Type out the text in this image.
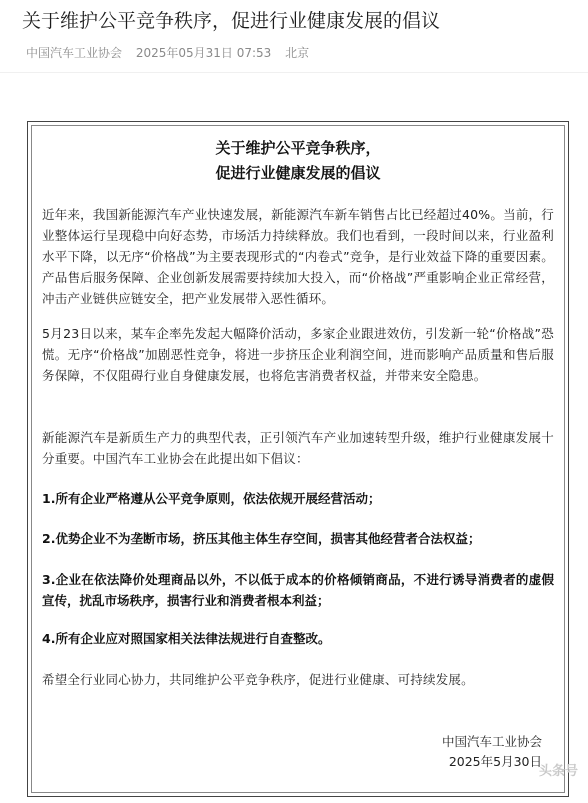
关于维护公平竞争秩序，促进行业健康发展的倡议
中国汽车工业协会 2025年05月31日 07:53 北京
关于维护公平竞争秩序，
促进行业健康发展的倡议
近年来，我国新能源汽车产业快速发展，新能源汽车新车销售占比已经超过40%。当前，行业整体运行呈现稳中向好态势，市场活力持续释放。我们也看到，一段时间以来，行业盈利水平下降，以无序“价格战”为主要表现形式的“内卷式”竞争，是行业效益下降的重要因素。产品售后服务保障、企业创新发展需要持续加大投入，而“价格战”严重影响企业正常经营，冲击产业链供应链安全，把产业发展带入恶性循环。
5月23日以来，某车企率先发起大幅降价活动，多家企业跟进效仿，引发新一轮“价格战”恐慌。无序“价格战”加剧恶性竞争，将进一步挤压企业利润空间，进而影响产品质量和售后服务保障，不仅阻碍行业自身健康发展，也将危害消费者权益，并带来安全隐患。
新能源汽车是新质生产力的典型代表，正引领汽车产业加速转型升级，维护行业健康发展十分重要。中国汽车工业协会在此提出如下倡议：
1.所有企业严格遵从公平竞争原则，依法依规开展经营活动；
2.优势企业不为垄断市场，挤压其他主体生存空间，损害其他经营者合法权益；
3.企业在依法降价处理商品以外，不以低于成本的价格倾销商品，不进行诱导消费者的虚假宣传，扰乱市场秩序，损害行业和消费者根本利益；
4.所有企业应对照国家相关法律法规进行自查整改。
希望全行业同心协力，共同维护公平竞争秩序，促进行业健康、可持续发展。
中国汽车工业协会
2025年5月30日
头条号
